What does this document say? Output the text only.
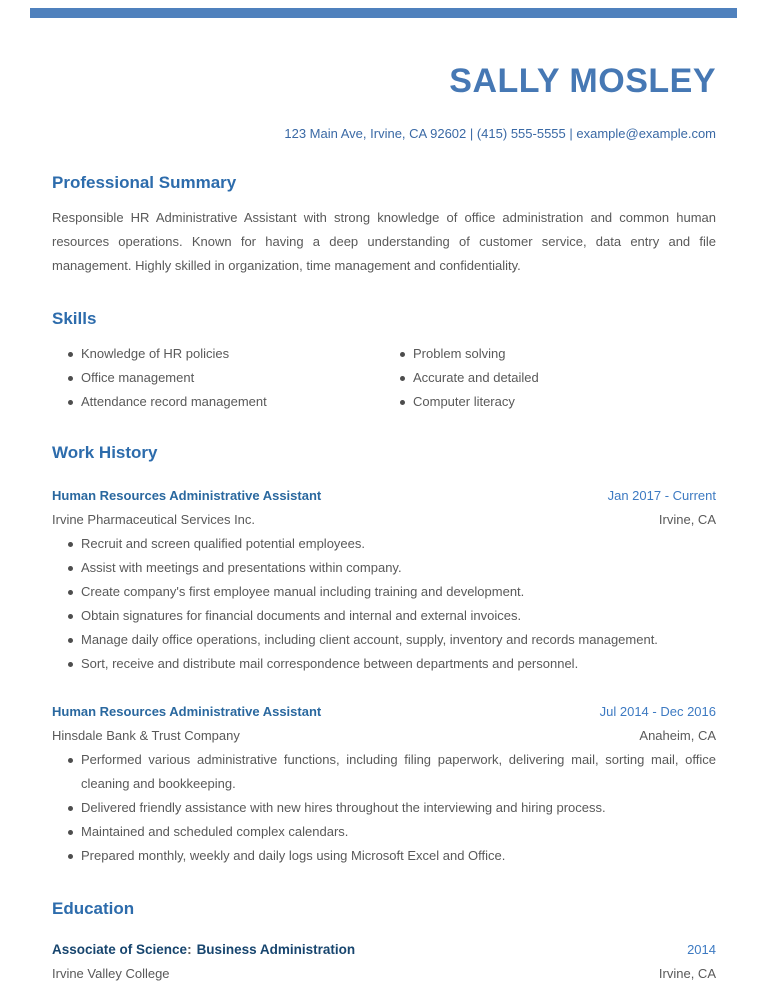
SALLY MOSLEY
123 Main Ave, Irvine, CA 92602 | (415) 555-5555 | example@example.com
Professional Summary

Responsible HR Administrative Assistant with strong knowledge of office administration and common human resources operations. Known for having a deep understanding of customer service, data entry and file management. Highly skilled in organization, time management and confidentiality.

Skills
Knowledge of HR policies
Office management
Attendance record management
Problem solving
Accurate and detailed
Computer literacy
Work History
Human Resources Administrative Assistant	Jan 2017 - Current
Irvine Pharmaceutical Services Inc.	Irvine, CA
Recruit and screen qualified potential employees.
Assist with meetings and presentations within company.
Create company's first employee manual including training and development.
Obtain signatures for financial documents and internal and external invoices.
Manage daily office operations, including client account, supply, inventory and records management.
Sort, receive and distribute mail correspondence between departments and personnel.
Human Resources Administrative Assistant	Jul 2014 - Dec 2016
Hinsdale Bank & Trust Company	Anaheim, CA
Performed various administrative functions, including filing paperwork, delivering mail, sorting mail, office cleaning and bookkeeping.
Delivered friendly assistance with new hires throughout the interviewing and hiring process.
Maintained and scheduled complex calendars.
Prepared monthly, weekly and daily logs using Microsoft Excel and Office.
Education
Associate of Science: Business Administration	2014
Irvine Valley College	Irvine, CA
